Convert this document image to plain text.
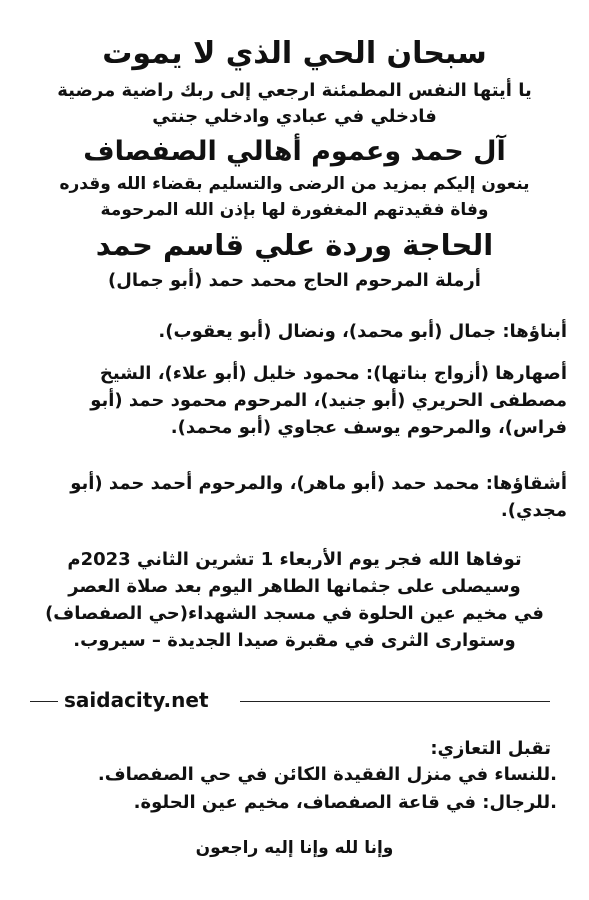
سبحان الحي الذي لا يموت
يا أيتها النفس المطمئنة ارجعي إلى ربك راضية مرضية
فادخلي في عبادي وادخلي جنتي
آل حمد وعموم أهالي الصفصاف
ينعون إليكم بمزيد من الرضى والتسليم بقضاء الله وقدره
وفاة فقيدتهم المغفورة لها بإذن الله المرحومة
الحاجة وردة علي قاسم حمد
أرملة المرحوم الحاج محمد حمد (أبو جمال)
أبناؤها: جمال (أبو محمد)، ونضال (أبو يعقوب).
أصهارها (أزواج بناتها): محمود خليل (أبو علاء)، الشيخ مصطفى الحريري (أبو جنيد)، المرحوم محمود حمد (أبو فراس)، والمرحوم يوسف عجاوي (أبو محمد).
أشقاؤها: محمد حمد (أبو ماهر)، والمرحوم أحمد حمد (أبو مجدي).
توفاها الله فجر يوم الأربعاء 1 تشرين الثاني 2023م
وسيصلى على جثمانها الطاهر اليوم بعد صلاة العصر
في مخيم عين الحلوة في مسجد الشهداء(حي الصفصاف)
وستوارى الثرى في مقبرة صيدا الجديدة – سيروب.
saidacity.net
تقبل التعازي:
.للنساء في منزل الفقيدة الكائن في حي الصفصاف.
.للرجال: في قاعة الصفصاف، مخيم عين الحلوة.
وإنا لله وإنا إليه راجعون
